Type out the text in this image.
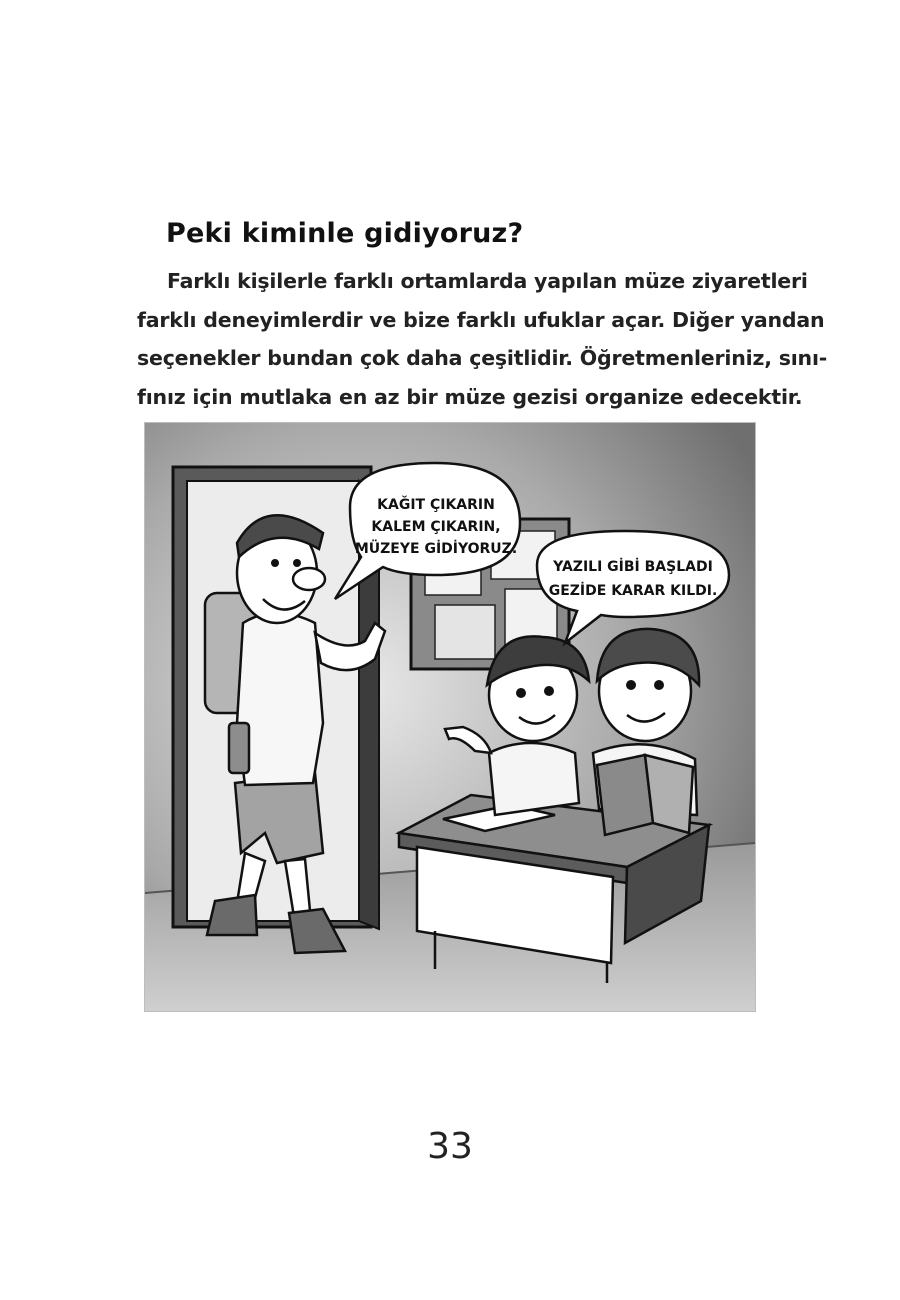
Peki kiminle gidiyoruz?
Farklı kişilerle farklı ortamlarda yapılan müze ziyaretleri
farklı deneyimlerdir ve bize farklı ufuklar açar. Diğer yandan
seçenekler bundan çok daha çeşitlidir. Öğretmenleriniz, sını-
fınız için mutlaka en az bir müze gezisi organize edecektir.
KAĞIT ÇIKARIN
KALEM ÇIKARIN,
MÜZEYE GİDİYORUZ.
YAZILI GİBİ BAŞLADI
GEZİDE KARAR KILDI.
33
